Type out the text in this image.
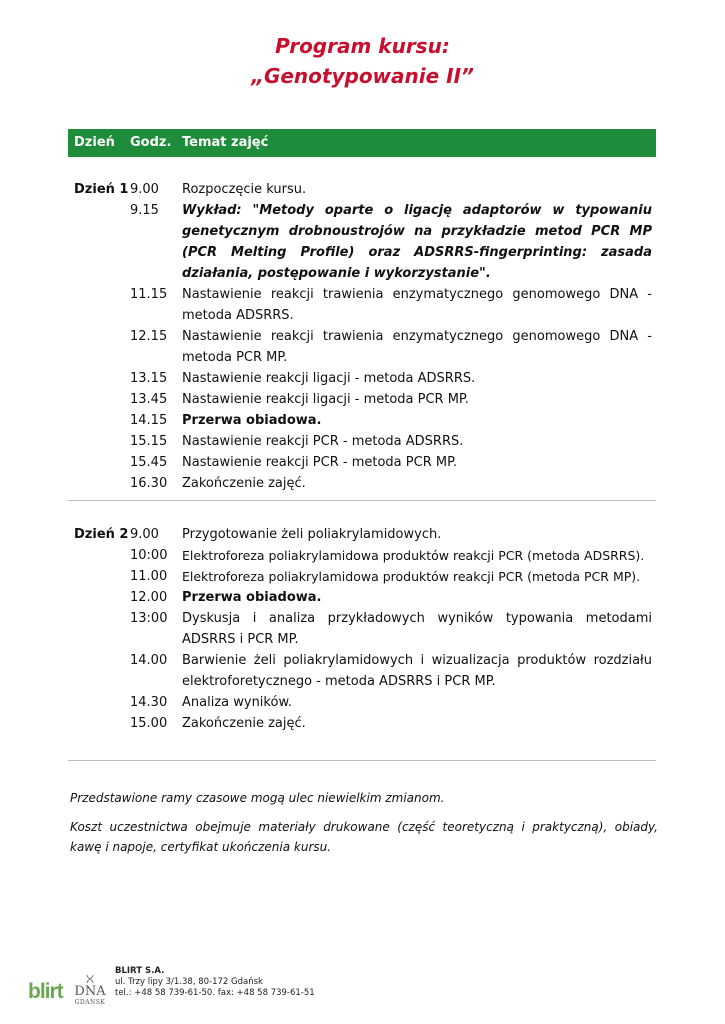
Program kursu:
„Genotypowanie II”
Dzień Godz. Temat zajęć
Dzień 1 9.00	Rozpoczęcie kursu.
9.15	Wykład: "Metody oparte o ligację adaptorów w typowaniu genetycznym drobnoustrojów na przykładzie metod PCR MP (PCR Melting Profile) oraz ADSRRS-fingerprinting: zasada działania, postępowanie i wykorzystanie".
11.15	Nastawienie reakcji trawienia enzymatycznego genomowego DNA - metoda ADSRRS.
12.15	Nastawienie reakcji trawienia enzymatycznego genomowego DNA - metoda PCR MP.
13.15	Nastawienie reakcji ligacji - metoda ADSRRS.
13.45	Nastawienie reakcji ligacji - metoda PCR MP.
14.15	Przerwa obiadowa.
15.15	Nastawienie reakcji PCR - metoda ADSRRS.
15.45	Nastawienie reakcji PCR - metoda PCR MP.
16.30	Zakończenie zajęć.
Dzień 2 9.00	Przygotowanie żeli poliakrylamidowych.
10:00	Elektroforeza poliakrylamidowa produktów reakcji PCR (metoda ADSRRS).
11.00	Elektroforeza poliakrylamidowa produktów reakcji PCR (metoda PCR MP).
12.00	Przerwa obiadowa.
13:00	Dyskusja i analiza przykładowych wyników typowania metodami ADSRRS i PCR MP.
14.00	Barwienie żeli poliakrylamidowych i wizualizacja produktów rozdziału elektroforetycznego - metoda ADSRRS i PCR MP.
14.30	Analiza wyników.
15.00	Zakończenie zajęć.
Przedstawione ramy czasowe mogą ulec niewielkim zmianom.
Koszt uczestnictwa obejmuje materiały drukowane (część teoretyczną i praktyczną), obiady, kawę i napoje, certyfikat ukończenia kursu.
blirt DNA
GDAŃSK
BLIRT S.A.
ul. Trzy lipy 3/1.38, 80-172 Gdańsk
tel.: +48 58 739-61-50. fax: +48 58 739-61-51
